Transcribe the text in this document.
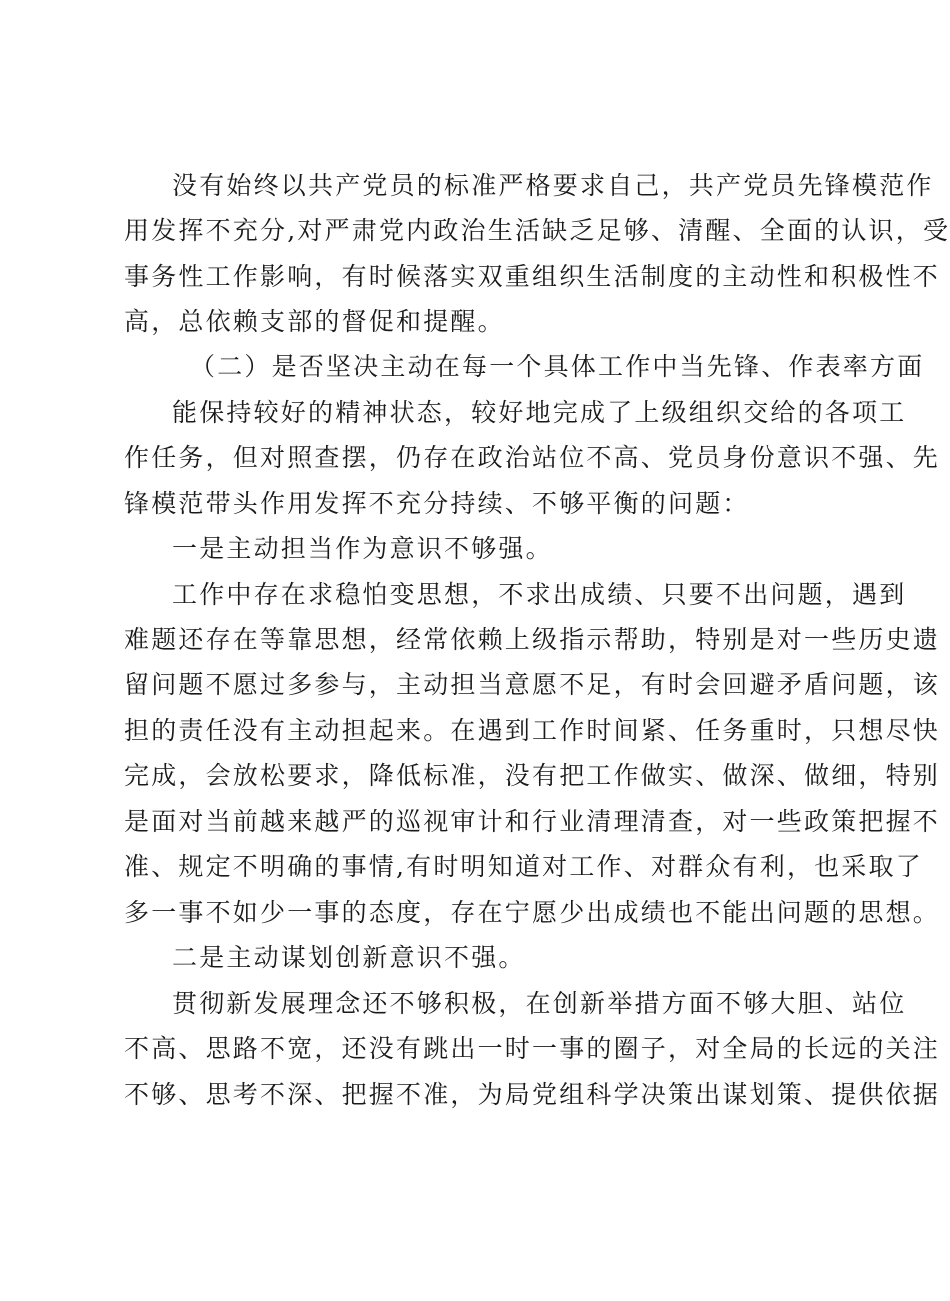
没有始终以共产党员的标准严格要求自己，共产党员先锋模范作
用发挥不充分,对严肃党内政治生活缺乏足够、清醒、全面的认识，受
事务性工作影响，有时候落实双重组织生活制度的主动性和积极性不
高，总依赖支部的督促和提醒。
（二）是否坚决主动在每一个具体工作中当先锋、作表率方面
能保持较好的精神状态，较好地完成了上级组织交给的各项工
作任务，但对照查摆，仍存在政治站位不高、党员身份意识不强、先
锋模范带头作用发挥不充分持续、不够平衡的问题：
一是主动担当作为意识不够强。
工作中存在求稳怕变思想，不求出成绩、只要不出问题，遇到
难题还存在等靠思想，经常依赖上级指示帮助，特别是对一些历史遗
留问题不愿过多参与，主动担当意愿不足，有时会回避矛盾问题，该
担的责任没有主动担起来。在遇到工作时间紧、任务重时，只想尽快
完成，会放松要求，降低标准，没有把工作做实、做深、做细，特别
是面对当前越来越严的巡视审计和行业清理清查，对一些政策把握不
准、规定不明确的事情,有时明知道对工作、对群众有利，也采取了
多一事不如少一事的态度，存在宁愿少出成绩也不能出问题的思想。
二是主动谋划创新意识不强。
贯彻新发展理念还不够积极，在创新举措方面不够大胆、站位
不高、思路不宽，还没有跳出一时一事的圈子，对全局的长远的关注
不够、思考不深、把握不准，为局党组科学决策出谋划策、提供依据
